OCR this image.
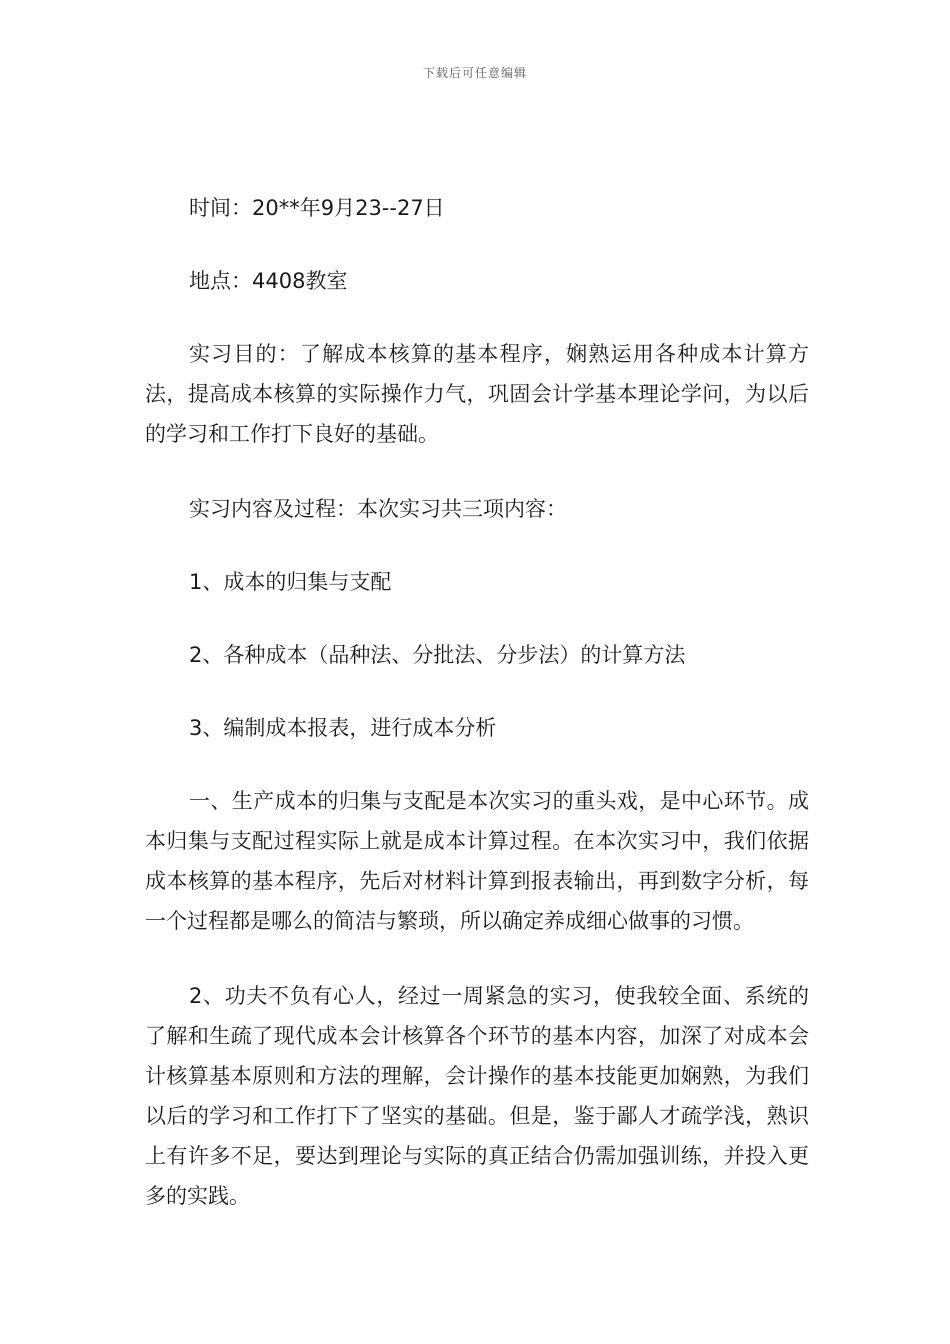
下载后可任意编辑

时间：20**年9月23--27日

地点：4408教室

实习目的：了解成本核算的基本程序，娴熟运用各种成本计算方法，提高成本核算的实际操作力气，巩固会计学基本理论学问，为以后的学习和工作打下良好的基础。

实习内容及过程：本次实习共三项内容：

1、成本的归集与支配

2、各种成本（品种法、分批法、分步法）的计算方法

3、编制成本报表，进行成本分析

一、生产成本的归集与支配是本次实习的重头戏，是中心环节。成本归集与支配过程实际上就是成本计算过程。在本次实习中，我们依据成本核算的基本程序，先后对材料计算到报表输出，再到数字分析，每一个过程都是哪么的简洁与繁琐，所以确定养成细心做事的习惯。

2、功夫不负有心人，经过一周紧急的实习，使我较全面、系统的了解和生疏了现代成本会计核算各个环节的基本内容，加深了对成本会计核算基本原则和方法的理解，会计操作的基本技能更加娴熟，为我们以后的学习和工作打下了坚实的基础。但是，鉴于鄙人才疏学浅，熟识上有许多不足，要达到理论与实际的真正结合仍需加强训练，并投入更多的实践。
